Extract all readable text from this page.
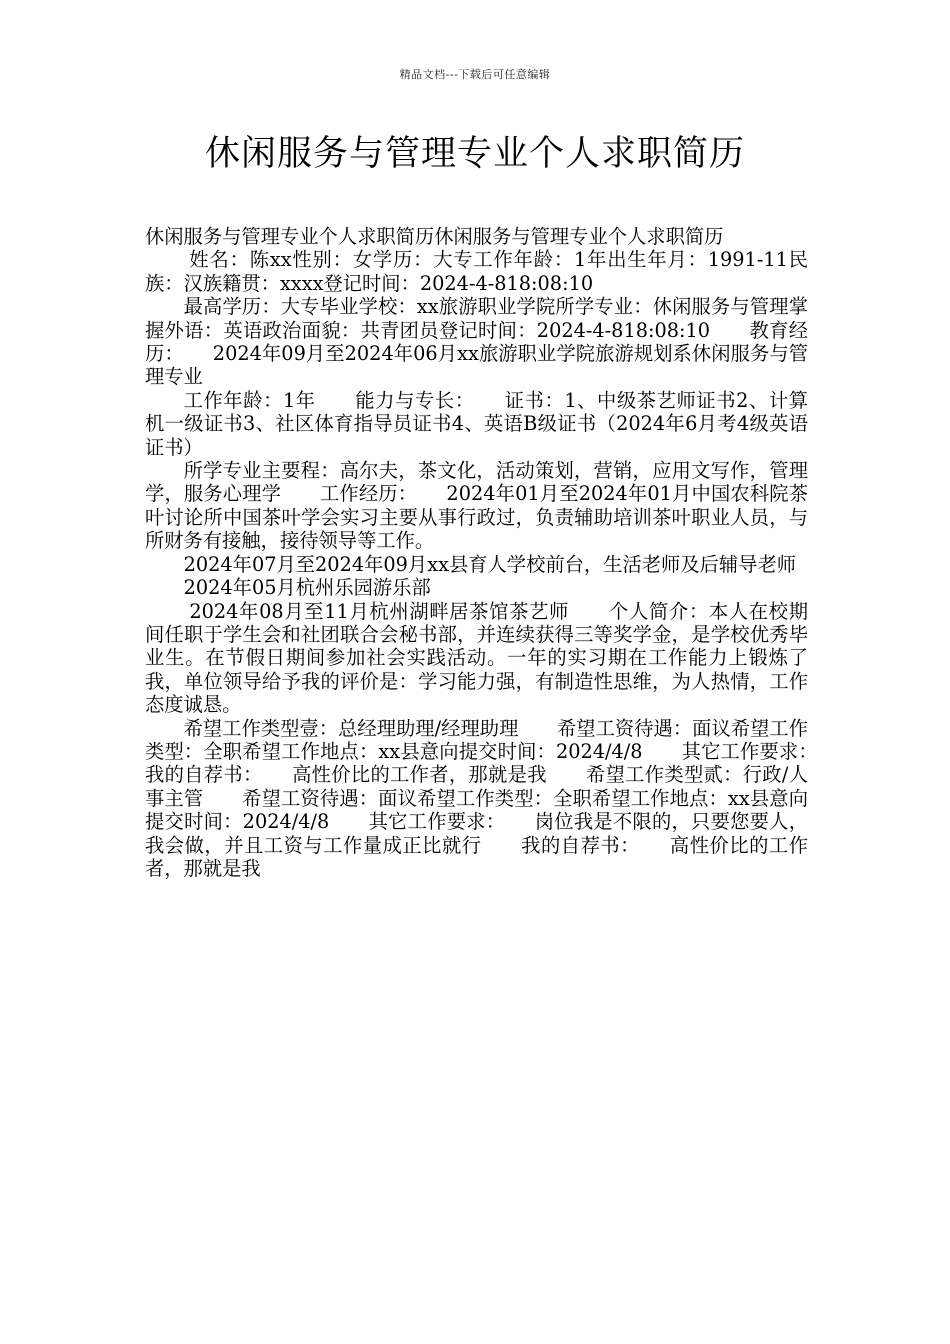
精品文档---下载后可任意编辑
休闲服务与管理专业个人求职简历

休闲服务与管理专业个人求职简历休闲服务与管理专业个人求职简历

姓名：陈xx性别：女学历：大专工作年龄：1年出生年月：1991-11民族：汉族籍贯：xxxx登记时间：2024-4-818:08:10

最高学历：大专毕业学校：xx旅游职业学院所学专业：休闲服务与管理掌握外语：英语政治面貌：共青团员登记时间：2024-4-818:08:10　　教育经历：　　2024年09月至2024年06月xx旅游职业学院旅游规划系休闲服务与管理专业

工作年龄：1年　　能力与专长：　　证书：1、中级茶艺师证书2、计算机一级证书3、社区体育指导员证书4、英语B级证书（2024年6月考4级英语证书）

所学专业主要程：高尔夫，茶文化，活动策划，营销，应用文写作，管理学，服务心理学　　工作经历：　　2024年01月至2024年01月中国农科院茶叶讨论所中国茶叶学会实习主要从事行政过，负责辅助培训茶叶职业人员，与所财务有接触，接待领导等工作。

2024年07月至2024年09月xx县育人学校前台，生活老师及后辅导老师

2024年05月杭州乐园游乐部

2024年08月至11月杭州湖畔居茶馆茶艺师　　个人简介：本人在校期间任职于学生会和社团联合会秘书部，并连续获得三等奖学金，是学校优秀毕业生。在节假日期间参加社会实践活动。一年的实习期在工作能力上锻炼了我，单位领导给予我的评价是：学习能力强，有制造性思维，为人热情，工作态度诚恳。

希望工作类型壹：总经理助理/经理助理　　希望工资待遇：面议希望工作类型：全职希望工作地点：xx县意向提交时间：2024/4/8　　其它工作要求：　　我的自荐书：　　高性价比的工作者，那就是我　　希望工作类型贰：行政/人事主管　　希望工资待遇：面议希望工作类型：全职希望工作地点：xx县意向提交时间：2024/4/8　　其它工作要求：　　岗位我是不限的，只要您要人，我会做，并且工资与工作量成正比就行　　我的自荐书：　　高性价比的工作者，那就是我
